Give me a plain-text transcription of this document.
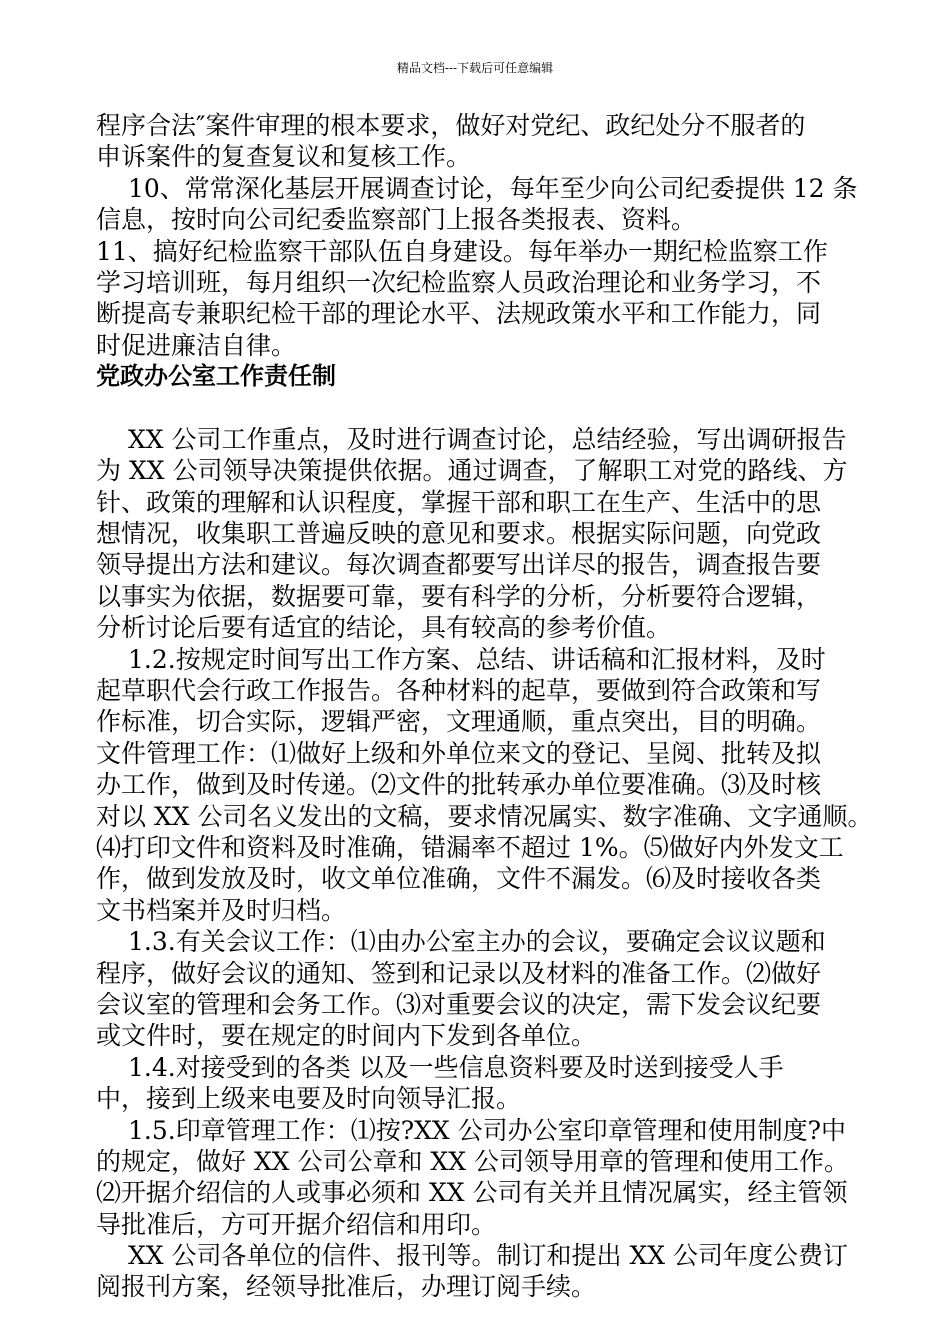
精品文档---下载后可任意编辑
程序合法″案件审理的根本要求，做好对党纪、政纪处分不服者的
申诉案件的复查复议和复核工作。
10、常常深化基层开展调查讨论，每年至少向公司纪委提供 12 条
信息，按时向公司纪委监察部门上报各类报表、资料。
11、搞好纪检监察干部队伍自身建设。每年举办一期纪检监察工作
学习培训班，每月组织一次纪检监察人员政治理论和业务学习，不
断提高专兼职纪检干部的理论水平、法规政策水平和工作能力，同
时促进廉洁自律。
党政办公室工作责任制
XX 公司工作重点，及时进行调查讨论，总结经验，写出调研报告
为 XX 公司领导决策提供依据。通过调查，了解职工对党的路线、方
针、政策的理解和认识程度，掌握干部和职工在生产、生活中的思
想情况，收集职工普遍反映的意见和要求。根据实际问题，向党政
领导提出方法和建议。每次调查都要写出详尽的报告，调查报告要
以事实为依据，数据要可靠，要有科学的分析，分析要符合逻辑，
分析讨论后要有适宜的结论，具有较高的参考价值。
1.2.按规定时间写出工作方案、总结、讲话稿和汇报材料，及时
起草职代会行政工作报告。各种材料的起草，要做到符合政策和写
作标准，切合实际，逻辑严密，文理通顺，重点突出，目的明确。
文件管理工作：⑴做好上级和外单位来文的登记、呈阅、批转及拟
办工作，做到及时传递。⑵文件的批转承办单位要准确。⑶及时核
对以 XX 公司名义发出的文稿，要求情况属实、数字准确、文字通顺。
⑷打印文件和资料及时准确，错漏率不超过 1%。⑸做好内外发文工
作，做到发放及时，收文单位准确，文件不漏发。⑹及时接收各类
文书档案并及时归档。
1.3.有关会议工作：⑴由办公室主办的会议，要确定会议议题和
程序，做好会议的通知、签到和记录以及材料的准备工作。⑵做好
会议室的管理和会务工作。⑶对重要会议的决定，需下发会议纪要
或文件时，要在规定的时间内下发到各单位。
1.4.对接受到的各类 以及一些信息资料要及时送到接受人手
中，接到上级来电要及时向领导汇报。
1.5.印章管理工作：⑴按?XX 公司办公室印章管理和使用制度?中
的规定，做好 XX 公司公章和 XX 公司领导用章的管理和使用工作。
⑵开据介绍信的人或事必须和 XX 公司有关并且情况属实，经主管领
导批准后，方可开据介绍信和用印。
XX 公司各单位的信件、报刊等。制订和提出 XX 公司年度公费订
阅报刊方案，经领导批准后，办理订阅手续。
